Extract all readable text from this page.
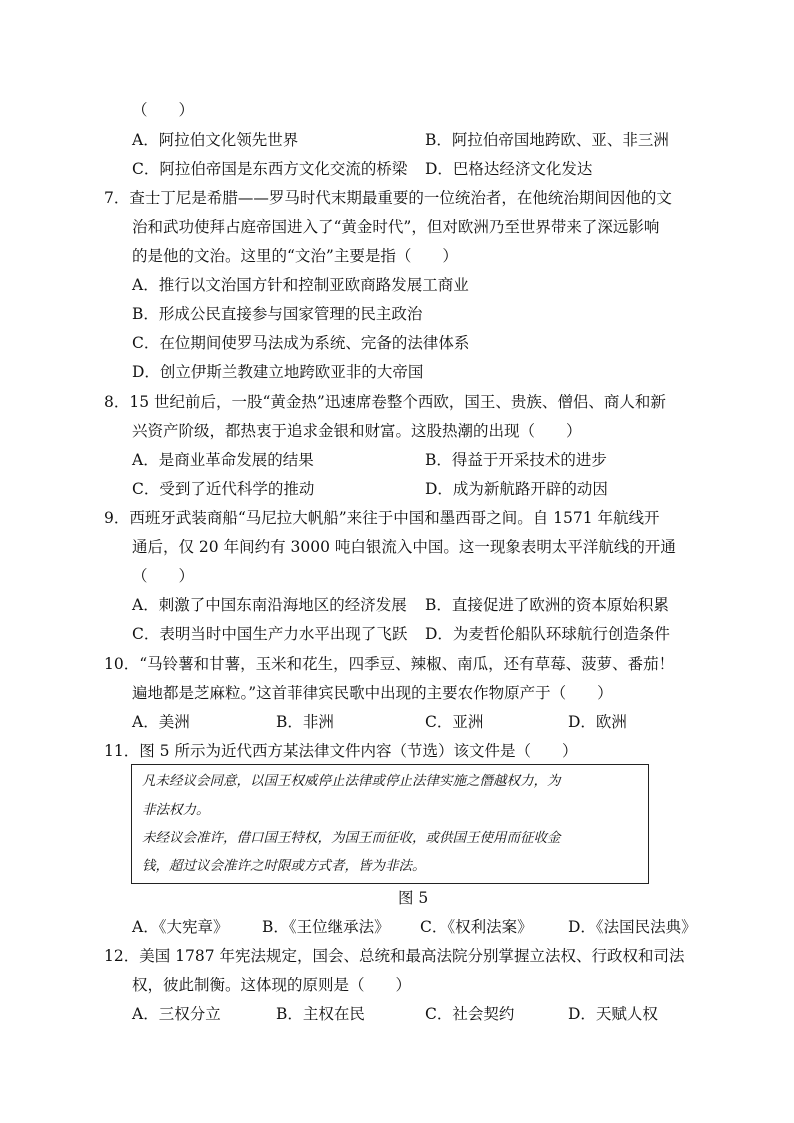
（　　）
A．阿拉伯文化领先世界	B．阿拉伯帝国地跨欧、亚、非三洲
C．阿拉伯帝国是东西方文化交流的桥梁 D．巴格达经济文化发达
7．查士丁尼是希腊——罗马时代末期最重要的一位统治者，在他统治期间因他的文
治和武功使拜占庭帝国进入了“黄金时代”，但对欧洲乃至世界带来了深远影响
的是他的文治。这里的“文治”主要是指（　　）
A．推行以文治国方针和控制亚欧商路发展工商业
B．形成公民直接参与国家管理的民主政治
C．在位期间使罗马法成为系统、完备的法律体系
D．创立伊斯兰教建立地跨欧亚非的大帝国
8．15 世纪前后，一股“黄金热”迅速席卷整个西欧，国王、贵族、僧侣、商人和新
兴资产阶级，都热衷于追求金银和财富。这股热潮的出现（　　）
A．是商业革命发展的结果	B．得益于开采技术的进步
C．受到了近代科学的推动	D．成为新航路开辟的动因
9．西班牙武装商船“马尼拉大帆船”来往于中国和墨西哥之间。自 1571 年航线开
通后，仅 20 年间约有 3000 吨白银流入中国。这一现象表明太平洋航线的开通
（　　）
A．刺激了中国东南沿海地区的经济发展 B．直接促进了欧洲的资本原始积累
C．表明当时中国生产力水平出现了飞跃 D．为麦哲伦船队环球航行创造条件
10．“马铃薯和甘薯，玉米和花生，四季豆、辣椒、南瓜，还有草莓、菠萝、番茄！
遍地都是芝麻粒。”这首菲律宾民歌中出现的主要农作物原产于（　　）
A．美洲	B．非洲	C．亚洲	D．欧洲
11．图 5 所示为近代西方某法律文件内容（节选）该文件是（　　）
凡未经议会同意，以国王权威停止法律或停止法律实施之僭越权力，为
非法权力。
未经议会准许，借口国王特权，为国王而征收，或供国王使用而征收金
钱，超过议会准许之时限或方式者，皆为非法。
图 5
A．《大宪章》 B．《王位继承法》 C．《权利法案》 D．《法国民法典》
12．美国 1787 年宪法规定，国会、总统和最高法院分别掌握立法权、行政权和司法
权，彼此制衡。这体现的原则是（　　）
A．三权分立	B．主权在民	C．社会契约	D．天赋人权
